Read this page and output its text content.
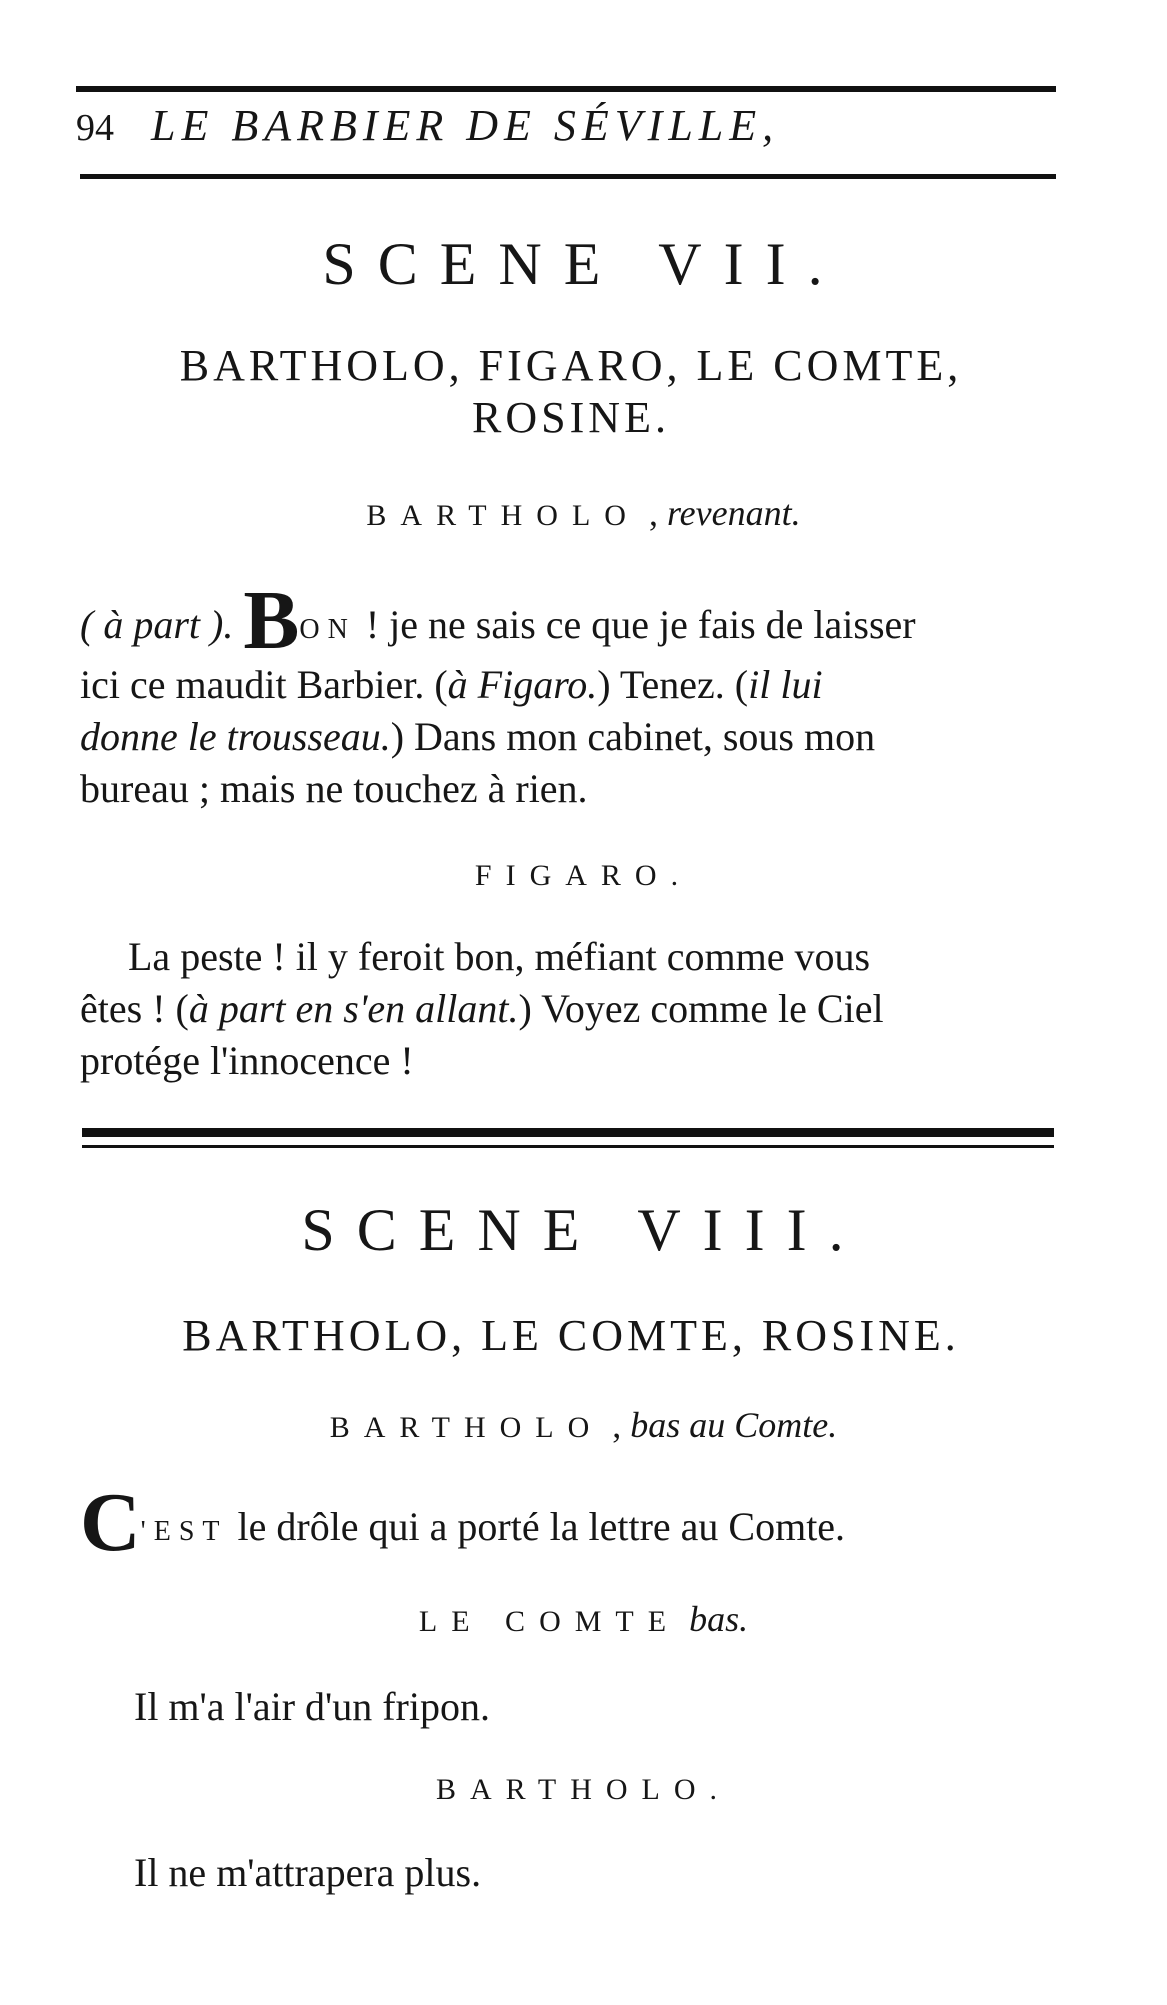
94 LE BARBIER DE SÉVILLE,
SCENE VII.
BARTHOLO, FIGARO, LE COMTE,
ROSINE.
BARTHOLO , revenant.
( à part ). BON ! je ne sais ce que je fais de laisser
ici ce maudit Barbier. (à Figaro.) Tenez. (il lui
donne le trousseau.) Dans mon cabinet, sous mon
bureau ; mais ne touchez à rien.
FIGARO.
La peste ! il y feroit bon, méfiant comme vous
êtes ! (à part en s'en allant.) Voyez comme le Ciel
protége l'innocence !
SCENE VIII.
BARTHOLO, LE COMTE, ROSINE.
BARTHOLO , bas au Comte.
C'EST le drôle qui a porté la lettre au Comte.
LE COMTE bas.
Il m'a l'air d'un fripon.
BARTHOLO.
Il ne m'attrapera plus.
